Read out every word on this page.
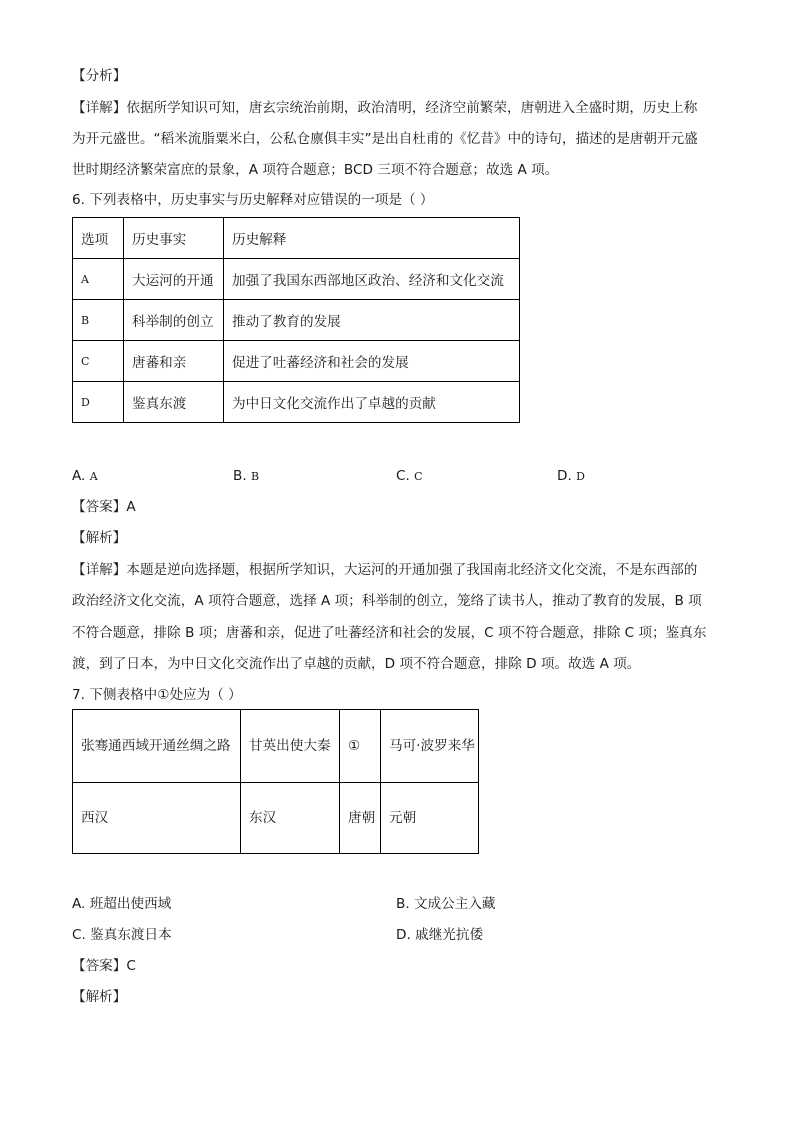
【分析】
【详解】依据所学知识可知，唐玄宗统治前期，政治清明，经济空前繁荣，唐朝进入全盛时期，历史上称
为开元盛世。“稻米流脂粟米白，公私仓廪俱丰实”是出自杜甫的《忆昔》中的诗句，描述的是唐朝开元盛
世时期经济繁荣富庶的景象，A 项符合题意；BCD 三项不符合题意；故选 A 项。
6. 下列表格中，历史事实与历史解释对应错误的一项是（ ）
选项	历史事实	历史解释
A	大运河的开通	加强了我国东西部地区政治、经济和文化交流
B	科举制的创立	推动了教育的发展
C	唐蕃和亲	促进了吐蕃经济和社会的发展
D	鉴真东渡	为中日文化交流作出了卓越的贡献
A. A	B. B	C. C	D. D
【答案】A
【解析】
【详解】本题是逆向选择题，根据所学知识，大运河的开通加强了我国南北经济文化交流，不是东西部的
政治经济文化交流，A 项符合题意，选择 A 项；科举制的创立，笼络了读书人，推动了教育的发展，B 项
不符合题意，排除 B 项；唐蕃和亲，促进了吐蕃经济和社会的发展，C 项不符合题意，排除 C 项；鉴真东
渡，到了日本，为中日文化交流作出了卓越的贡献，D 项不符合题意，排除 D 项。故选 A 项。
7. 下侧表格中①处应为（ ）
张骞通西域开通丝绸之路	甘英出使大秦	①	马可·波罗来华
西汉	东汉	唐朝	元朝
A. 班超出使西域	B. 文成公主入藏
C. 鉴真东渡日本	D. 戚继光抗倭
【答案】C
【解析】
